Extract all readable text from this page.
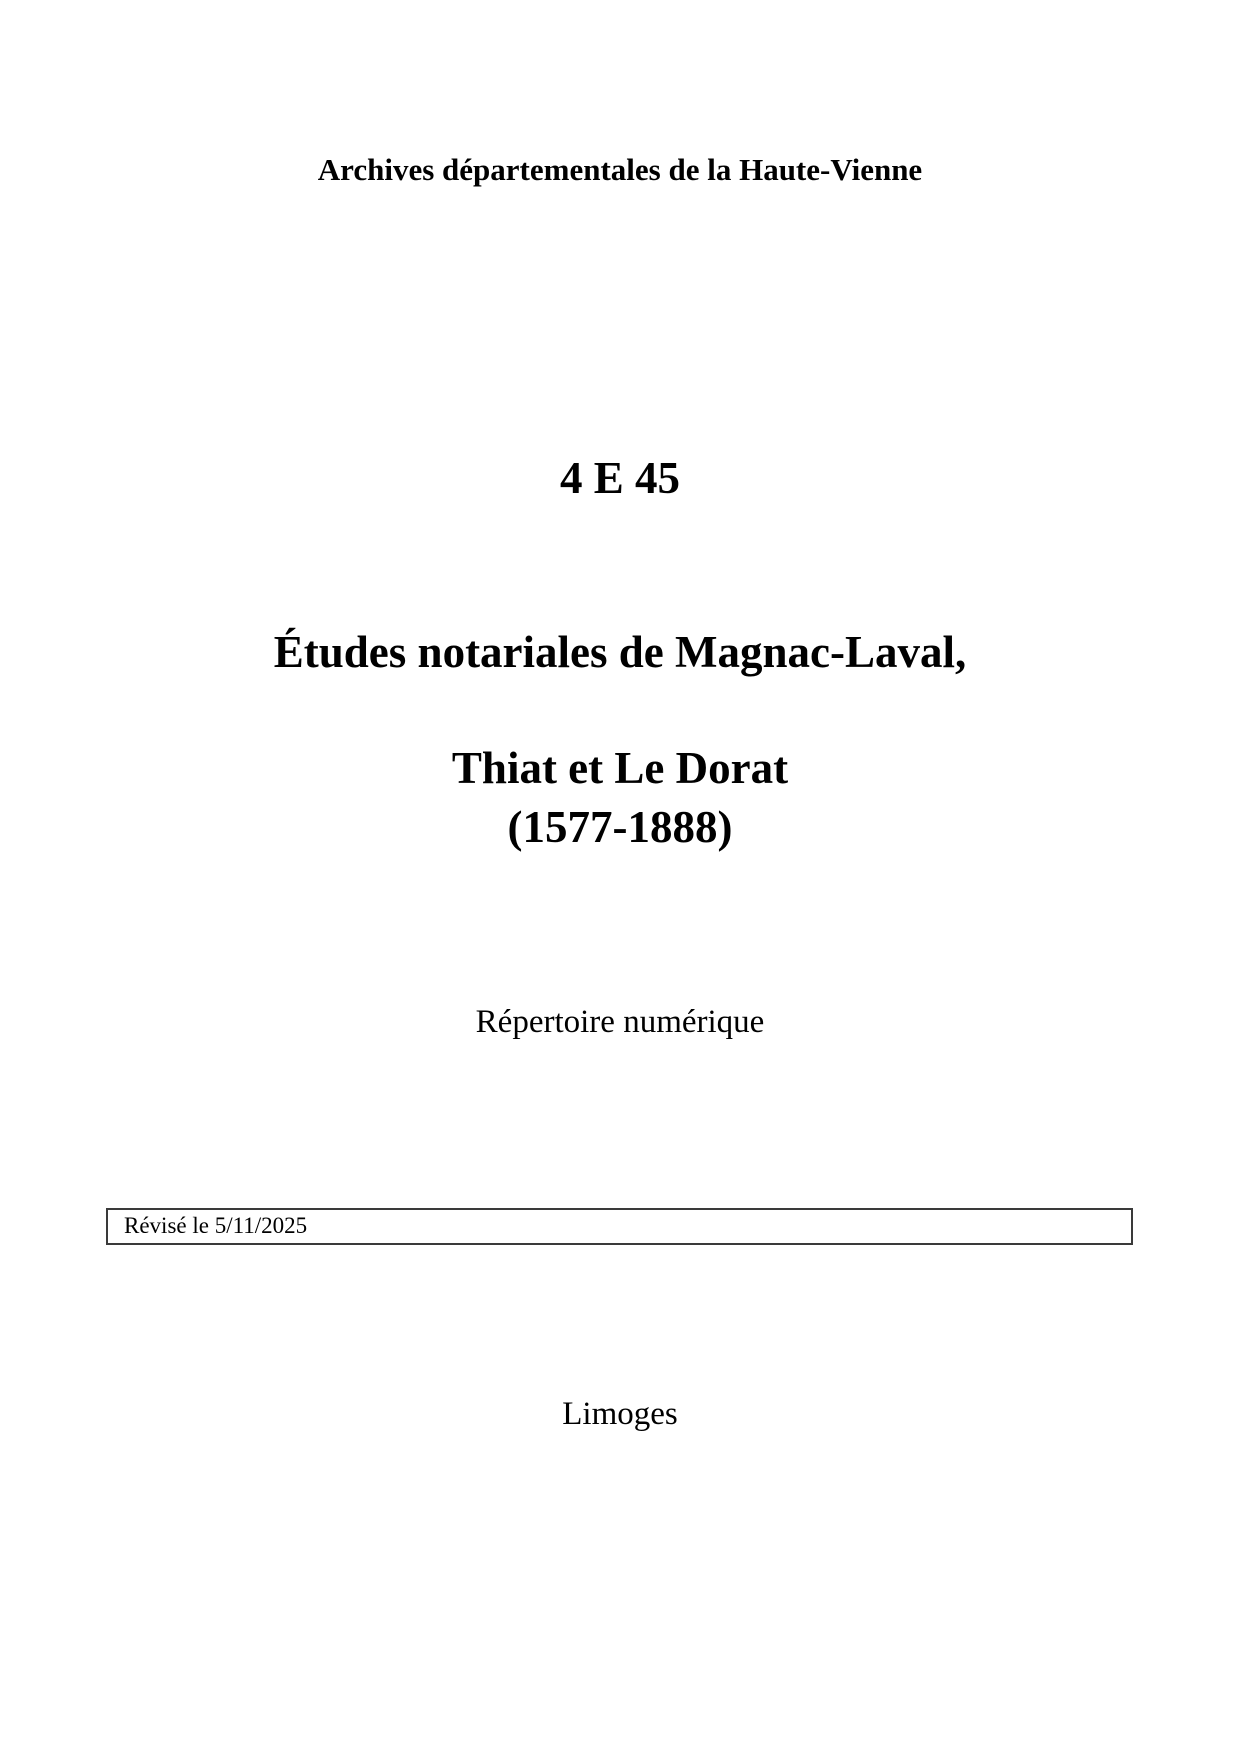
Archives départementales de la Haute-Vienne
4 E 45

Études notariales de Magnac-Laval,

Thiat et Le Dorat

(1577-1888)
Répertoire numérique
Révisé le 5/11/2025
Limoges
